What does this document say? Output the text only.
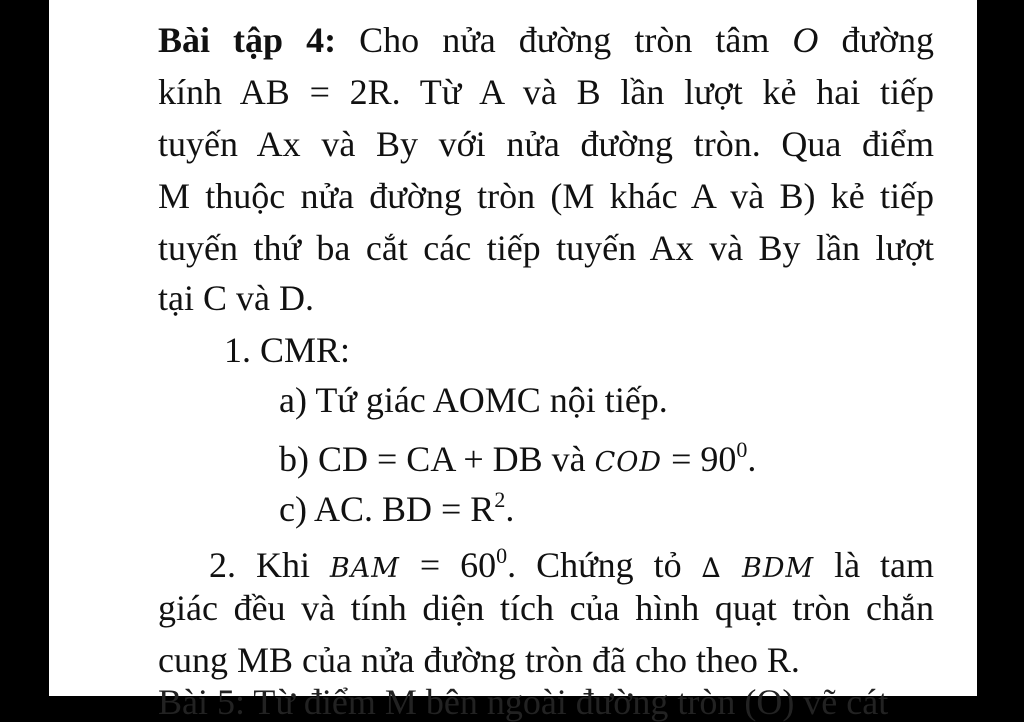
Bài tập 4: Cho nửa đường tròn tâm O đường
kính AB = 2R. Từ A và B lần lượt kẻ hai tiếp
tuyến Ax và By với nửa đường tròn. Qua điểm
M thuộc nửa đường tròn (M khác A và B) kẻ tiếp
tuyến thứ ba cắt các tiếp tuyến Ax và By lần lượt
tại C và D.
1. CMR:
a) Tứ giác AOMC nội tiếp.
b) CD = CA + DB và COD = $90^0$.
c) AC. BD = $R^2$.
2. Khi BAM = $60^0$. Chứng tỏ ∆ BDM là tam
giác đều và tính diện tích của hình quạt tròn chắn
cung MB của nửa đường tròn đã cho theo R.
Bài 5: Từ điểm M bên ngoài đường tròn (O) vẽ cát
